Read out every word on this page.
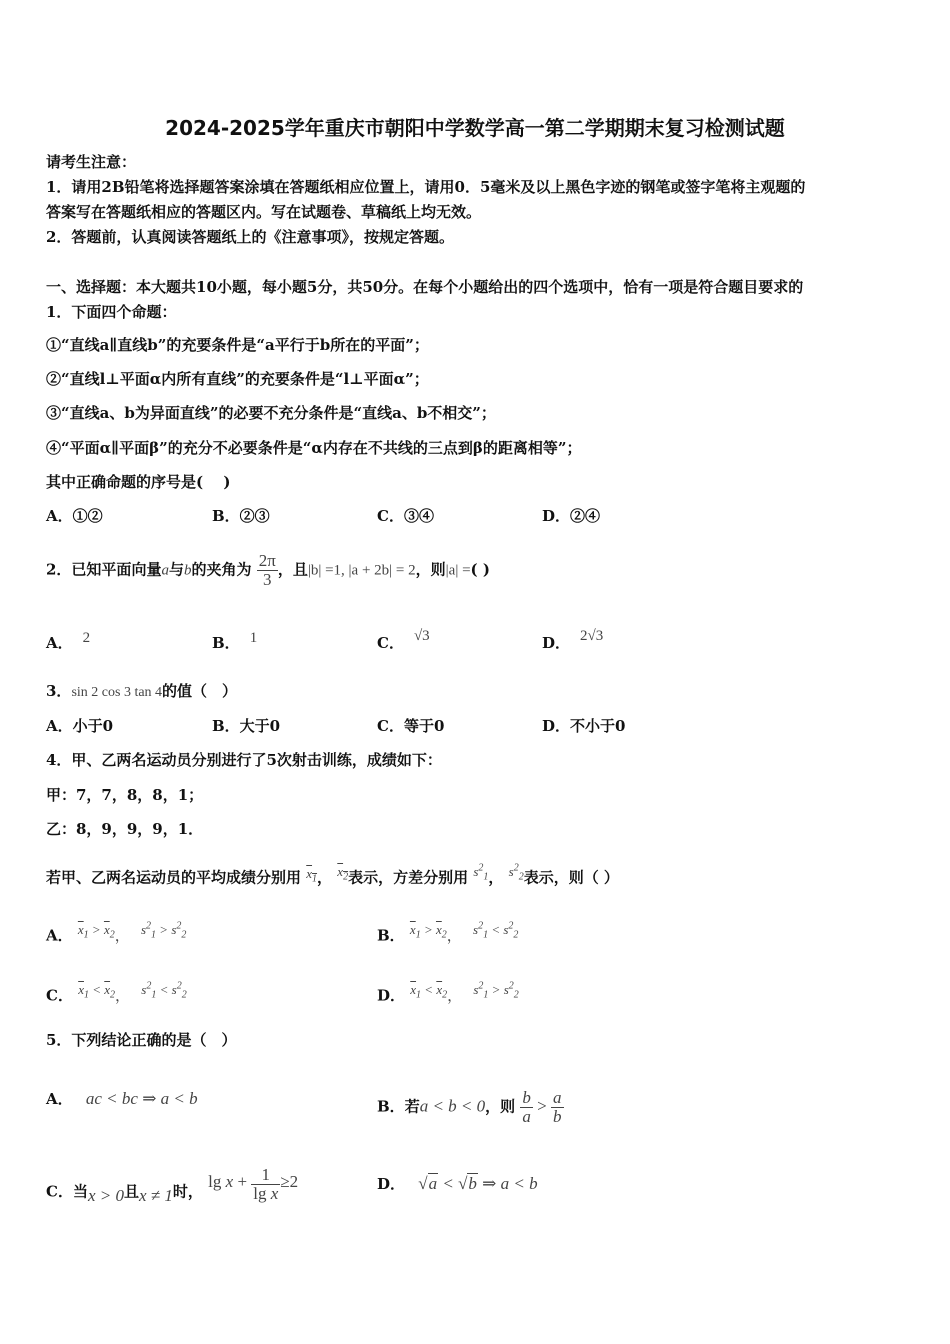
2024-2025学年重庆市朝阳中学数学高一第二学期期末复习检测试题
请考生注意：
1．请用2B铅笔将选择题答案涂填在答题纸相应位置上，请用0．5毫米及以上黑色字迹的钢笔或签字笔将主观题的
答案写在答题纸相应的答题区内。写在试题卷、草稿纸上均无效。
2．答题前，认真阅读答题纸上的《注意事项》，按规定答题。
一、选择题：本大题共10小题，每小题5分，共50分。在每个小题给出的四个选项中，恰有一项是符合题目要求的
1．下面四个命题：
①“直线a∥直线b”的充要条件是“a平行于b所在的平面”；
②“直线l⊥平面α内所有直线”的充要条件是“l⊥平面α”；
③“直线a、b为异面直线”的必要不充分条件是“直线a、b不相交”；
④“平面α∥平面β”的充分不必要条件是“α内存在不共线的三点到β的距离相等”；
其中正确命题的序号是(　 )
A．①②	B．②③	C．③④	D．②④
2．已知平面向量a与b的夹角为 $\frac{2\pi}{3}$ ，且|b| =1, |a + 2b| = 2，则|a| =( )
A． 2	B． 1	C． √3	D． 2√3
3．sin 2 cos 3 tan 4的值（　）
A．小于0	B．大于0	C．等于0	D．不小于0
4．甲、乙两名运动员分别进行了5次射击训练，成绩如下：
甲：7，7，8，8，1；
乙：8，9，9，9，1．
若甲、乙两名运动员的平均成绩分别用 $x_1$， $x_2$表示，方差分别用 $s^2_1$， $s^2_2$表示，则（ ）
A． $\overline{x}_1 > \overline{x}_2$， $s^2_1 > s^2_2$	B． $\overline{x}_1 > \overline{x}_2$， $s^2_1 < s^2_2$
C． $\overline{x}_1 < \overline{x}_2$， $s^2_1 < s^2_2$	D． $\overline{x}_1 < \overline{x}_2$， $s^2_1 > s^2_2$
5．下列结论正确的是（　）
A． ac < bc ⇒ a < b	B．若a < b < 0，则 $\frac{b}{a} > \frac{a}{b}$
C．当x > 0且x ≠ 1时， $\lg x + \frac{1}{\text{lg x}} \ge 2$	D． √a < √b ⇒ a < b
